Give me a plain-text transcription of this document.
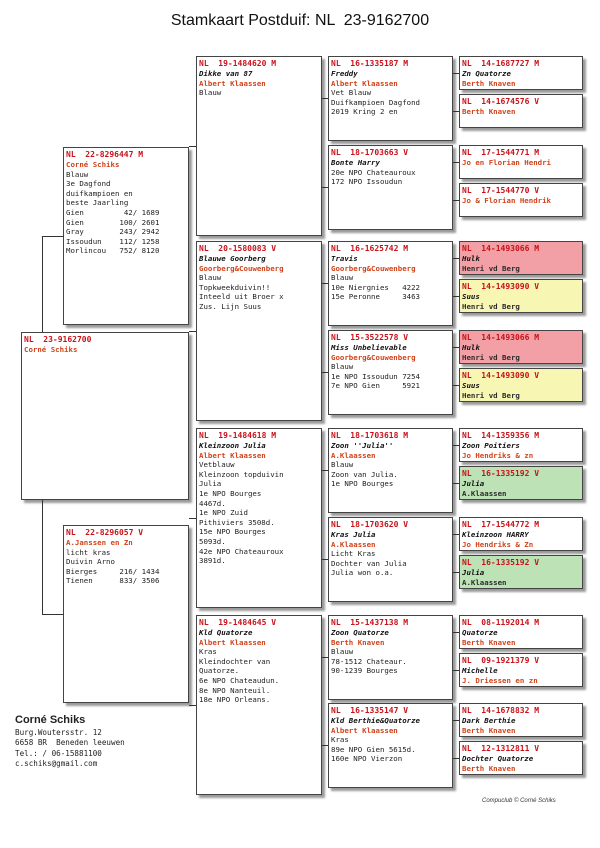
Stamkaart Postduif: NL  23-9162700
NL  23-9162700
Corné Schiks
NL  22-8296447 M
Corné Schiks
Blauw
3e Dagfond
duifkampioen en
beste Jaarling
Gien         42/ 1689
Gien        100/ 2601
Gray        243/ 2942
Issoudun    112/ 1258
Morlincou   752/ 8120
NL  22-8296057 V
A.Janssen en Zn
licht kras
Duivin Arno
Bierges     216/ 1434
Tienen      833/ 3506
NL  19-1484620 M
Dikke van 87
Albert Klaassen
Blauw
NL  20-1580083 V
Blauwe Goorberg
Goorberg&Couwenberg
Blauw
Topkweekduivin!!
Inteeld uit Broer x
Zus. Lijn Suus
NL  19-1484618 M
Kleinzoon Julia
Albert Klaassen
Vetblauw
Kleinzoon topduivin
Julia
1e NPO Bourges
4467d.
1e NPO Zuid
Pithiviers 3508d.
15e NPO Bourges
5093d.
42e NPO Chateauroux
3891d.
NL  19-1484645 V
Kld Quatorze
Albert Klaassen
Kras
Kleindochter van
Quatorze.
6e NPO Chateaudun.
8e NPO Nanteuil.
18e NPO Orleans.
NL  16-1335187 M
Freddy
Albert Klaassen
Vet Blauw
Duifkampioen Dagfond
2019 Kring 2 en
NL  18-1703663 V
Bonte Harry
20e NPO Chateauroux
172 NPO Issoudun
NL  16-1625742 M
Travis
Goorberg&Couwenberg
Blauw
10e Niergnies   4222
15e Peronne     3463
NL  15-3522578 V
Miss Unbelievable
Goorberg&Couwenberg
Blauw
1e NPO Issoudun 7254
7e NPO Gien     5921
NL  18-1703618 M
Zoon ''Julia''
A.Klaassen
Blauw
Zoon van Julia.
1e NPO Bourges
NL  18-1703620 V
Kras Julia
A.Klaassen
Licht Kras
Dochter van Julia
Julia won o.a.
NL  15-1437138 M
Zoon Quatorze
Berth Knaven
Blauw
78-1512 Chateaur.
90-1239 Bourges
NL  16-1335147 V
Kld Berthie&Quatorze
Albert Klaassen
Kras
89e NPO Gien 5615d.
160e NPO Vierzon
NL  14-1687727 M
Zn Quatorze
Berth Knaven
NL  14-1674576 V
Berth Knaven
NL  17-1544771 M
Jo en Florian Hendri
NL  17-1544770 V
Jo & Florian Hendrik
NL  14-1493066 M
Hulk
Henri vd Berg
NL  14-1493090 V
Suus
Henri vd Berg
NL  14-1493066 M
Hulk
Henri vd Berg
NL  14-1493090 V
Suus
Henri vd Berg
NL  14-1359356 M
Zoon Poitiers
Jo Hendriks & zn
NL  16-1335192 V
Julia
A.Klaassen
NL  17-1544772 M
Kleinzoon HARRY
Jo Hendriks & Zn
NL  16-1335192 V
Julia
A.Klaassen
NL  08-1192014 M
Quatorze
Berth Knaven
NL  09-1921379 V
Michelle
J. Driessen en zn
NL  14-1678832 M
Dark Berthie
Berth Knaven
NL  12-1312811 V
Dochter Quatorze
Berth Knaven
Corné Schiks
Burg.Woutersstr. 12
6658 BR  Beneden leeuwen
Tel.: / 06-15881100
c.schiks@gmail.com
Compuclub © Corné Schiks
